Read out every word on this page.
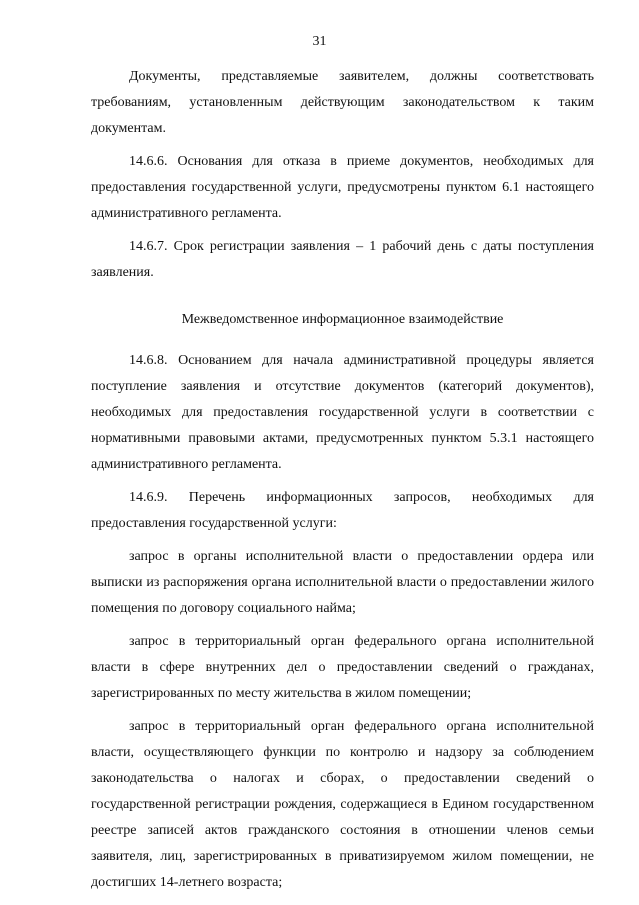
31

Документы, представляемые заявителем, должны соответствовать требованиям, установленным действующим законодательством к таким документам.

14.6.6. Основания для отказа в приеме документов, необходимых для предоставления государственной услуги, предусмотрены пунктом 6.1 настоящего административного регламента.

14.6.7. Срок регистрации заявления – 1 рабочий день с даты поступления заявления.

Межведомственное информационное взаимодействие

14.6.8. Основанием для начала административной процедуры является поступление заявления и отсутствие документов (категорий документов), необходимых для предоставления государственной услуги в соответствии с нормативными правовыми актами, предусмотренных пунктом 5.3.1 настоящего административного регламента.

14.6.9. Перечень информационных запросов, необходимых для предоставления государственной услуги:

запрос в органы исполнительной власти о предоставлении ордера или выписки из распоряжения органа исполнительной власти о предоставлении жилого помещения по договору социального найма;

запрос в территориальный орган федерального органа исполнительной власти в сфере внутренних дел о предоставлении сведений о гражданах, зарегистрированных по месту жительства в жилом помещении;

запрос в территориальный орган федерального органа исполнительной власти, осуществляющего функции по контролю и надзору за соблюдением законодательства о налогах и сборах, о предоставлении сведений о государственной регистрации рождения, содержащиеся в Едином государственном реестре записей актов гражданского состояния в отношении членов семьи заявителя, лиц, зарегистрированных в приватизируемом жилом помещении, не достигших 14-летнего возраста;
